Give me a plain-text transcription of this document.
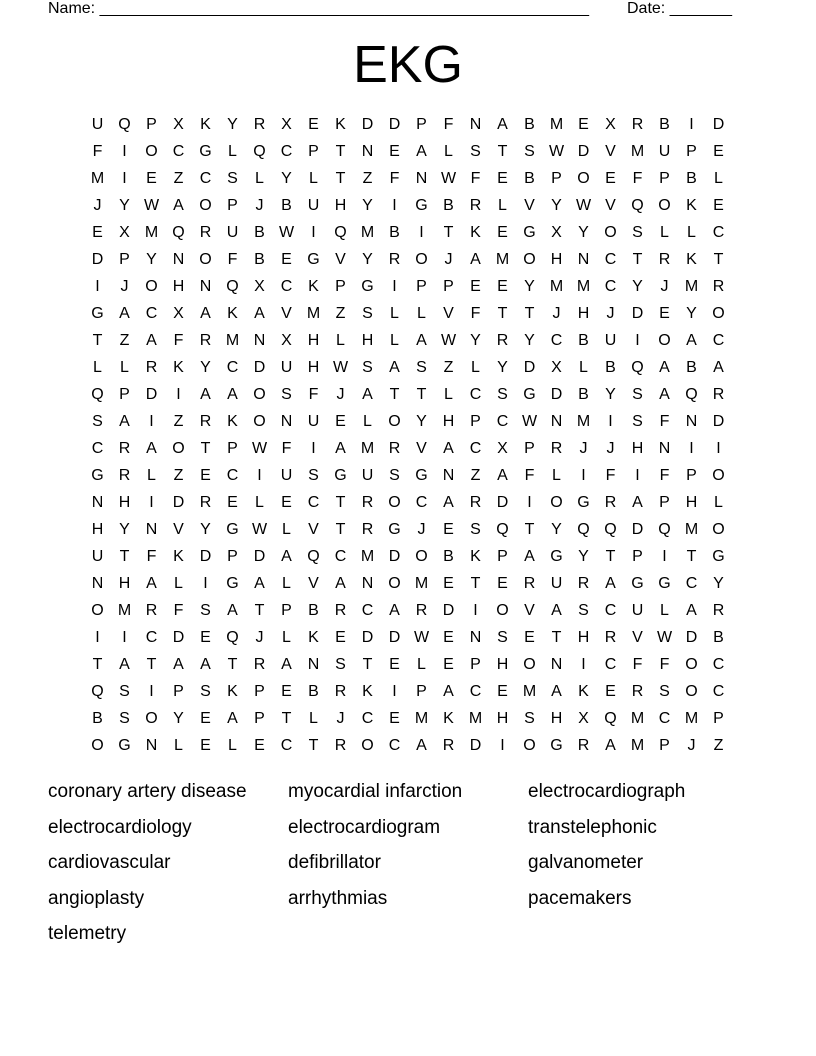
Name: _______________________________________________________

Date: _______

EKG
U Q P	X	K	Y R X	E	K D D P	F	N A	B M E	X R B	I	D
F	I	O C G	L	Q C P	T	N E	A	L	S	T	S W D V M U P	E
M	I	E	Z	C S	L	Y	L	T	Z	F	N W F	E	B	P O E	F	P	B	L
J	Y W A O P	J	B U H Y	I	G B R	L	V	Y W V Q O K	E
E	X M Q R U B W	I	Q M B	I	T	K	E G X	Y O S	L	L	C
D P	Y N O F	B	E G V	Y R O	J	A M O H N C	T	R K	T
I	J	O H N Q X C K	P G	I	P	P	E	E	Y M M C Y	J	M R
G A C X	A	K	A	V M Z	S	L	L	V	F	T	T	J	H	J	D E	Y O
T	Z	A	F	R M N X H	L	H	L	A W Y R Y C B U	I	O A C
L	L	R K	Y C D U H W S	A	S	Z	L	Y D X	L	B Q A	B	A
Q P D	I	A	A O S	F	J	A	T	T	L	C S G D B	Y	S	A Q R
S	A	I	Z	R K O N U E	L	O Y H P C W N M	I	S	F	N D
C R A O T	P W F	I	A M R V	A C X	P R	J	J	H N	I	I
G R	L	Z	E C	I	U S G U S G N	Z	A	F	L	I	F	I	F	P O
N H	I	D R E	L	E C	T	R O C A R D	I	O G R A	P H	L
H Y N V	Y G W L	V	T	R G	J	E	S Q T	Y Q Q D Q M O
U	T	F	K D P D A Q C M D O B	K	P	A G Y	T	P	I	T G
N H A	L	I	G A	L	V	A N O M E	T	E R U R A G G C Y
O M R	F	S	A	T	P	B R C A R D	I	O V	A	S C U	L	A R
I	I	C D E Q	J	L	K	E D D W E N S	E	T	H R V W D B
T	A	T	A	A	T	R A N S	T	E	L	E	P H O N	I	C	F	F O C
Q S	I	P	S	K	P	E	B R K	I	P	A C E M A	K	E R S O C
B	S O Y	E	A	P	T	L	J	C E M K M H S H X Q M C M P
O G N	L	E	L	E C	T	R O C A R D	I	O G R A M P	J	Z
coronary artery disease	myocardial infarction	electrocardiograph
electrocardiology	electrocardiogram	transtelephonic
cardiovascular	defibrillator	galvanometer
angioplasty	arrhythmias	pacemakers
telemetry
